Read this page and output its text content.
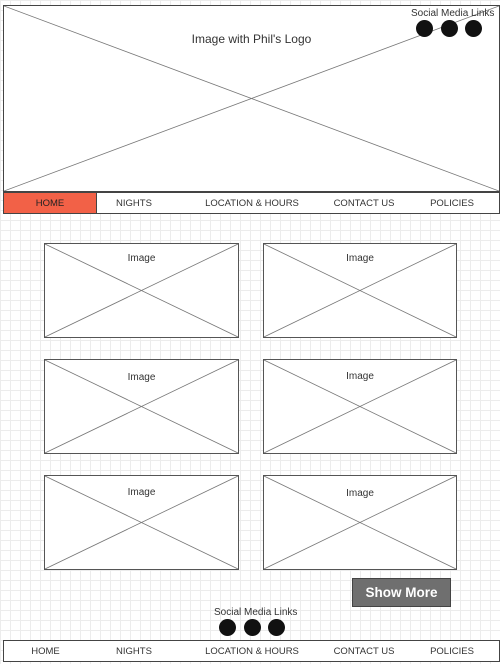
Image with Phil's Logo
Social Media Links
HOME	NIGHTS	LOCATION & HOURS	CONTACT US	POLICIES
Image	Image
Image	Image
Image	Image
Show More
Social Media Links
HOME	NIGHTS	LOCATION & HOURS	CONTACT US	POLICIES
